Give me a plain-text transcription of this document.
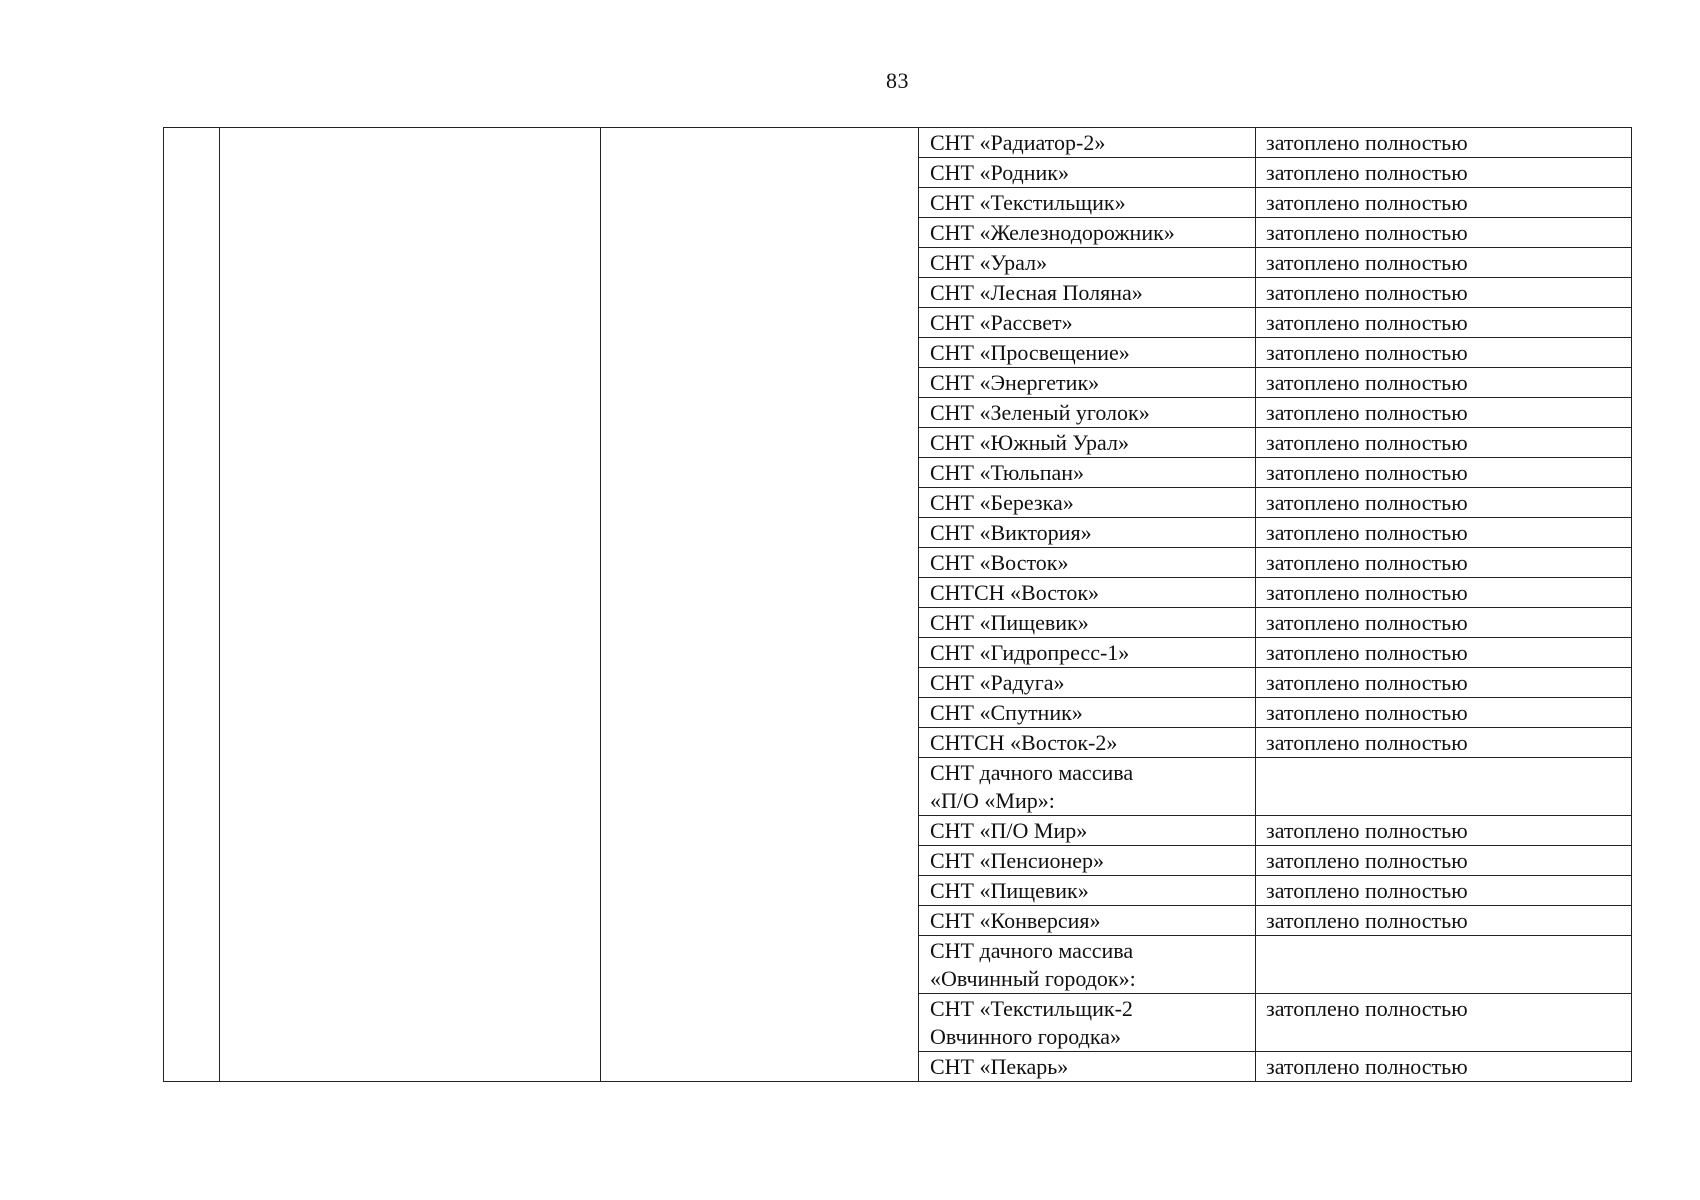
83

			СНТ «Радиатор-2»	затоплено полностью

			СНТ «Родник»	затоплено полностью

			СНТ «Текстильщик»	затоплено полностью

			СНТ «Железнодорожник»	затоплено полностью

			СНТ «Урал»	затоплено полностью

			СНТ «Лесная Поляна»	затоплено полностью

			СНТ «Рассвет»	затоплено полностью

			СНТ «Просвещение»	затоплено полностью

			СНТ «Энергетик»	затоплено полностью

			СНТ «Зеленый уголок»	затоплено полностью

			СНТ «Южный Урал»	затоплено полностью

			СНТ «Тюльпан»	затоплено полностью

			СНТ «Березка»	затоплено полностью

			СНТ «Виктория»	затоплено полностью

			СНТ «Восток»	затоплено полностью

			СНТСН «Восток»	затоплено полностью

			СНТ «Пищевик»	затоплено полностью

			СНТ «Гидропресс-1»	затоплено полностью

			СНТ «Радуга»	затоплено полностью

			СНТ «Спутник»	затоплено полностью

			СНТСН «Восток-2»	затоплено полностью

			СНТ дачного массива
«П/О «Мир»:	

			СНТ «П/О Мир»	затоплено полностью

			СНТ «Пенсионер»	затоплено полностью

			СНТ «Пищевик»	затоплено полностью

			СНТ «Конверсия»	затоплено полностью

			СНТ дачного массива
«Овчинный городок»:	

			СНТ «Текстильщик-2
Овчинного городка»	затоплено полностью

			СНТ «Пекарь»	затоплено полностью
